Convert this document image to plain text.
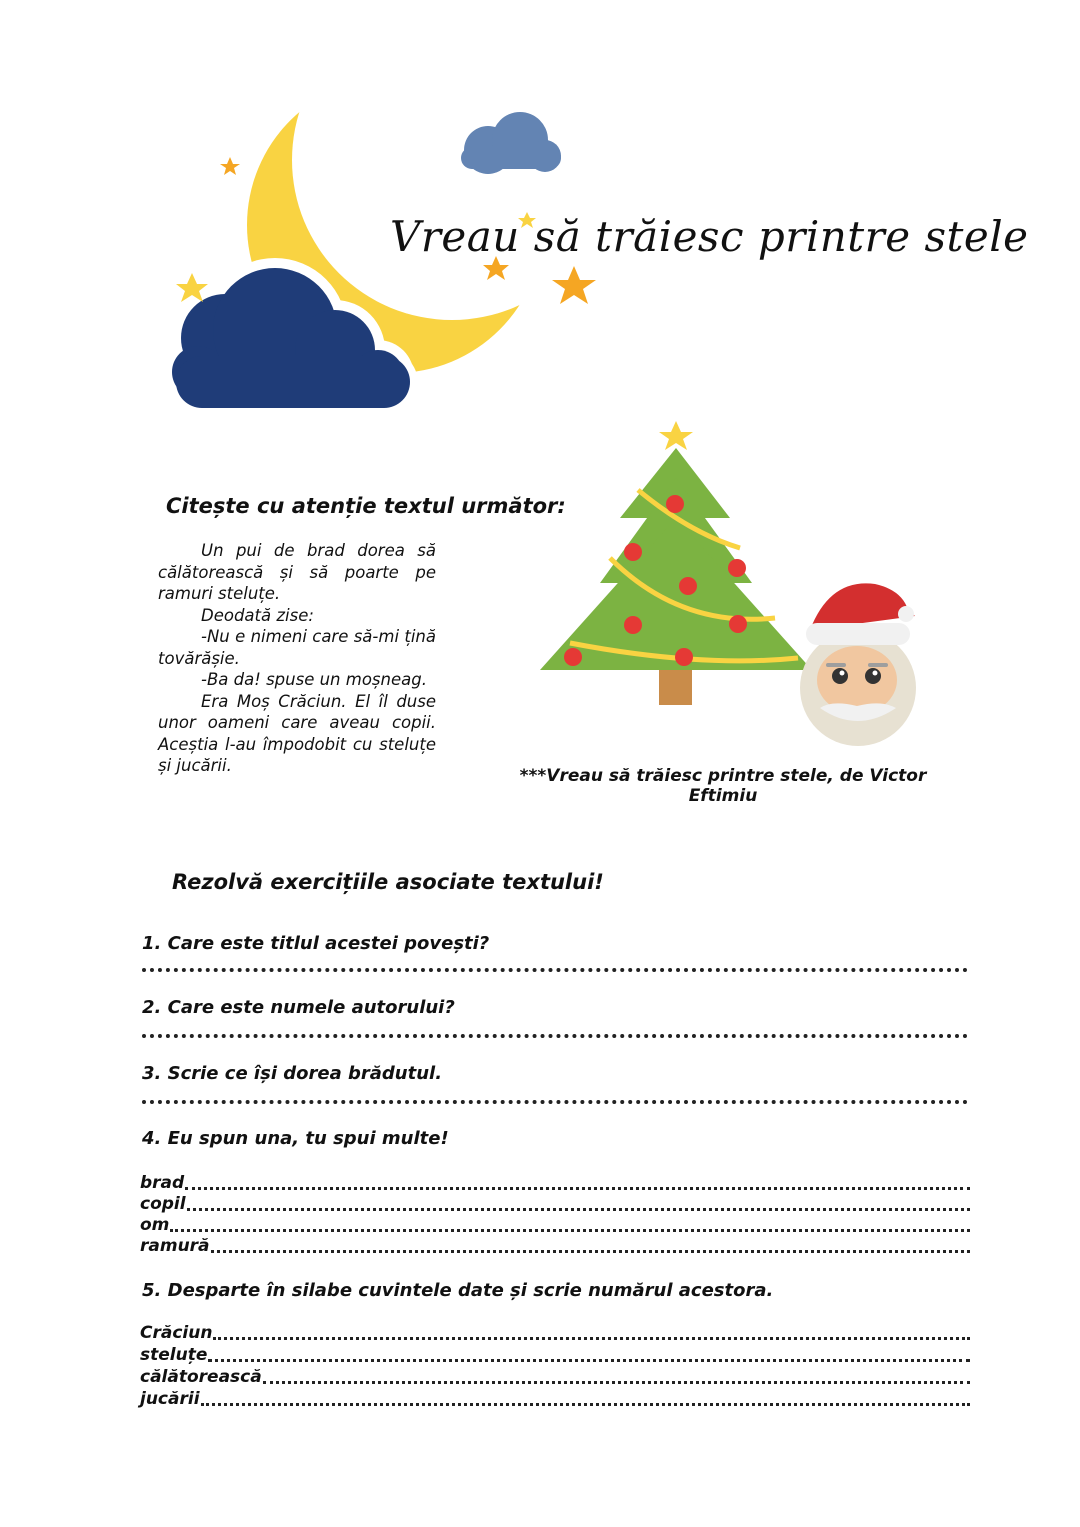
Vreau să trăiesc printre stele
Citește cu atenție textul următor:

Un pui de brad dorea să călătorească și să poarte pe ramuri steluțe.

Deodată zise:

-Nu e nimeni care să-mi țină tovărășie.

-Ba da! spuse un moșneag.

Era Moș Crăciun. El îl duse unor oameni care aveau copii. Aceștia l-au împodobit cu steluțe și jucării.

***Vreau să trăiesc printre stele, de Victor Eftimiu
Rezolvă exercițiile asociate textului!
1. Care este titlul acestei povești?
2. Care este numele autorului?
3. Scrie ce își dorea brădutul.
4. Eu spun una, tu spui multe!
brad
copil
om
ramură
5. Desparte în silabe cuvintele date și scrie numărul acestora.
Crăciun
steluțe
călătorească
jucării
